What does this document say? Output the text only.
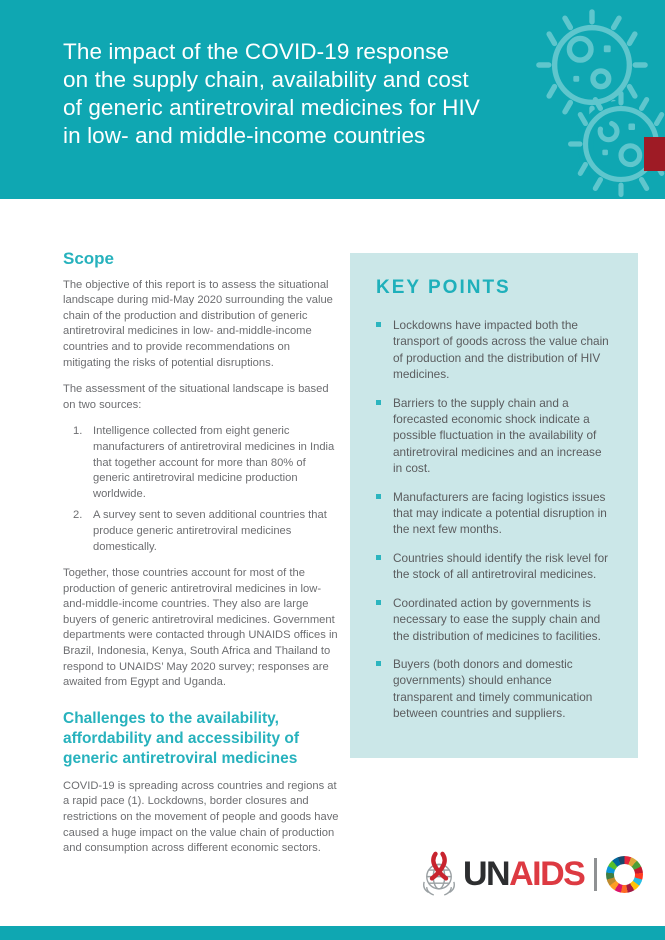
The impact of the COVID-19 response
on the supply chain, availability and cost
of generic antiretroviral medicines for HIV
in low- and middle-income countries
Scope

The objective of this report is to assess the situational landscape during mid-May 2020 surrounding the value chain of the production and distribution of generic antiretroviral medicines in low- and-middle-income countries and to provide recommendations on mitigating the risks of potential disruptions.

The assessment of the situational landscape is based on two sources:

1. Intelligence collected from eight generic manufacturers of antiretroviral medicines in India that together account for more than 80% of generic antiretroviral medicine production worldwide.
2. A survey sent to seven additional countries that produce generic antiretroviral medicines domestically.

Together, those countries account for most of the production of generic antiretroviral medicines in low- and-middle-income countries. They also are large buyers of generic antiretroviral medicines. Government departments were contacted through UNAIDS offices in Brazil, Indonesia, Kenya, South Africa and Thailand to respond to UNAIDS’ May 2020 survey; responses are awaited from Egypt and Uganda.

Challenges to the availability, affordability and accessibility of generic antiretroviral medicines

COVID-19 is spreading across countries and regions at a rapid pace (1). Lockdowns, border closures and restrictions on the movement of people and goods have caused a huge impact on the value chain of production and consumption across different economic sectors.

KEY POINTS
Lockdowns have impacted both the transport of goods across the value chain of production and the distribution of HIV medicines.
Barriers to the supply chain and a forecasted economic shock indicate a possible fluctuation in the availability of antiretroviral medicines and an increase in cost.
Manufacturers are facing logistics issues that may indicate a potential disruption in the next few months.
Countries should identify the risk level for the stock of all antiretroviral medicines.
Coordinated action by governments is necessary to ease the supply chain and the distribution of medicines to facilities.
Buyers (both donors and domestic governments) should enhance transparent and timely communication between countries and suppliers.
UNAIDS
